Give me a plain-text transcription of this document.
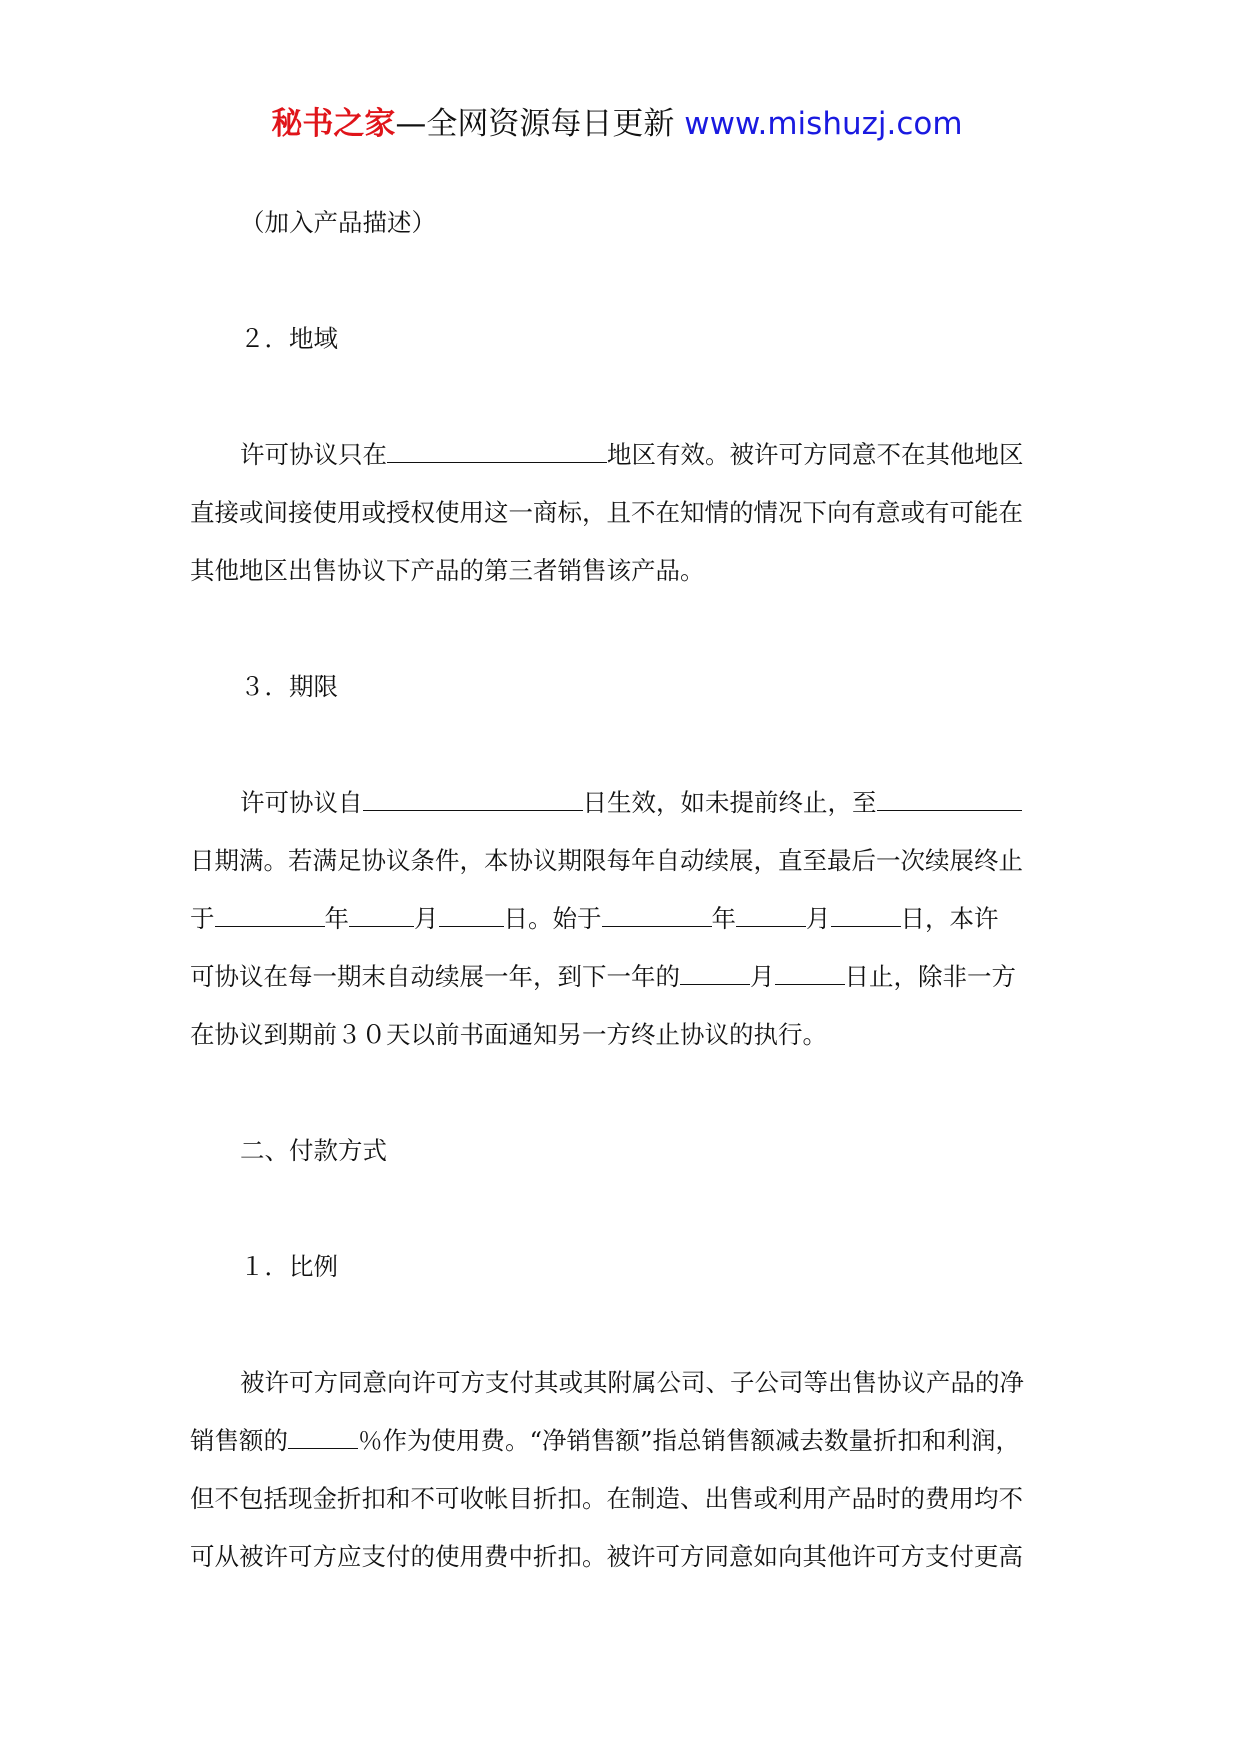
秘书之家—全网资源每日更新 www.mishuzj.com
（加入产品描述）
２．地域
许可协议只在	地区有效。被许可方同意不在其他地区
直接或间接使用或授权使用这一商标，且不在知情的情况下向有意或有可能在
其他地区出售协议下产品的第三者销售该产品。
３．期限
许可协议自	日生效，如未提前终止，至
日期满。若满足协议条件，本协议期限每年自动续展，直至最后一次续展终止
于	年	月	日。始于	年	月	日，本许
可协议在每一期末自动续展一年，到下一年的	月	日止，除非一方
在协议到期前３０天以前书面通知另一方终止协议的执行。
二、付款方式
１．比例
被许可方同意向许可方支付其或其附属公司、子公司等出售协议产品的净
销售额的	％作为使用费。“净销售额”指总销售额减去数量折扣和利润，
但不包括现金折扣和不可收帐目折扣。在制造、出售或利用产品时的费用均不
可从被许可方应支付的使用费中折扣。被许可方同意如向其他许可方支付更高
